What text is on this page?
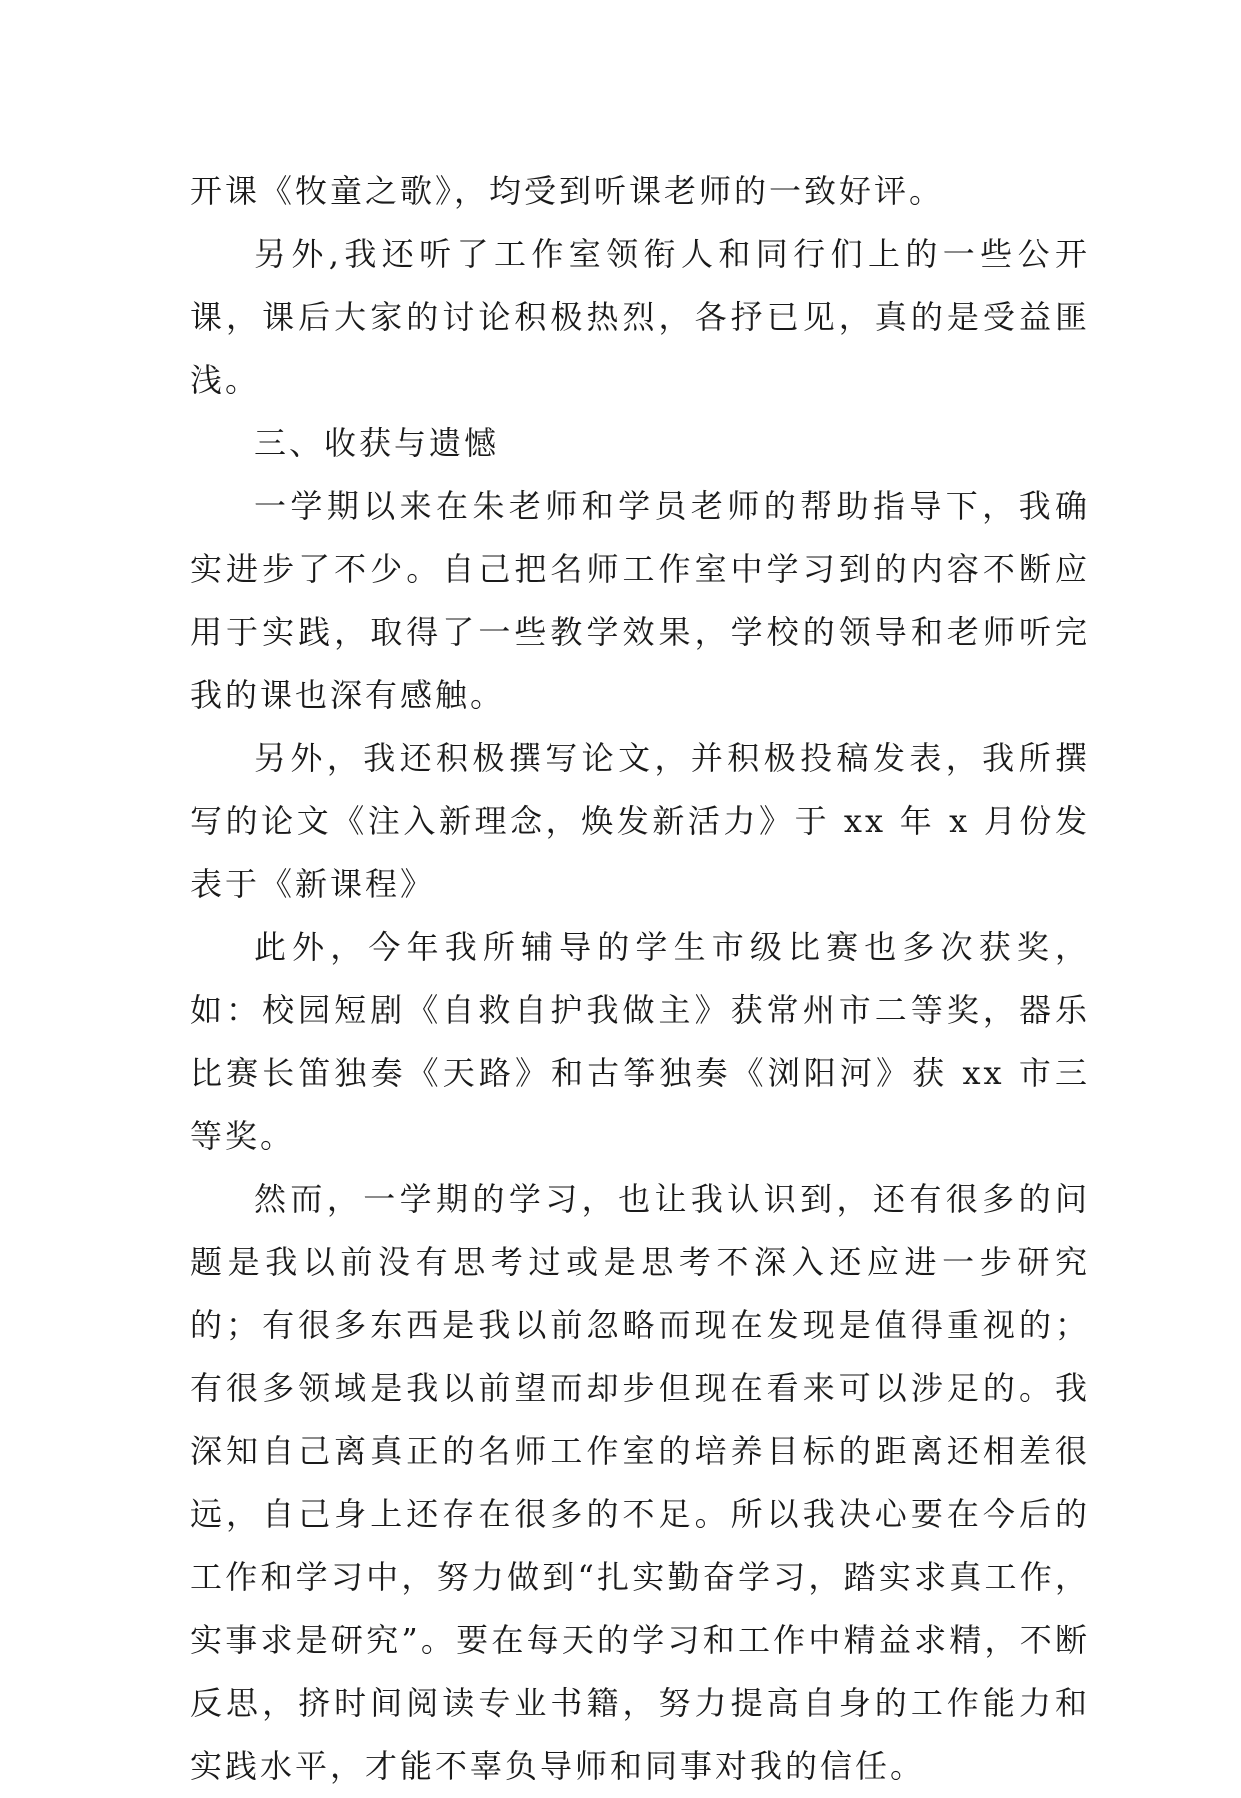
开课《牧童之歌》，均受到听课老师的一致好评。

另外,我还听了工作室领衔人和同行们上的一些公开课，课后大家的讨论积极热烈，各抒已见，真的是受益匪浅。

三、收获与遗憾

一学期以来在朱老师和学员老师的帮助指导下，我确实进步了不少。自己把名师工作室中学习到的内容不断应用于实践，取得了一些教学效果，学校的领导和老师听完我的课也深有感触。

另外，我还积极撰写论文，并积极投稿发表，我所撰写的论文《注入新理念，焕发新活力》于 xx 年 x 月份发表于《新课程》

此外，今年我所辅导的学生市级比赛也多次获奖，如：校园短剧《自救自护我做主》获常州市二等奖，器乐比赛长笛独奏《天路》和古筝独奏《浏阳河》获 xx 市三等奖。

然而，一学期的学习，也让我认识到，还有很多的问题是我以前没有思考过或是思考不深入还应进一步研究的；有很多东西是我以前忽略而现在发现是值得重视的；有很多领域是我以前望而却步但现在看来可以涉足的。我深知自己离真正的名师工作室的培养目标的距离还相差很远，自己身上还存在很多的不足。所以我决心要在今后的工作和学习中，努力做到“扎实勤奋学习，踏实求真工作，实事求是研究”。要在每天的学习和工作中精益求精，不断反思，挤时间阅读专业书籍，努力提高自身的工作能力和实践水平，才能不辜负导师和同事对我的信任。
